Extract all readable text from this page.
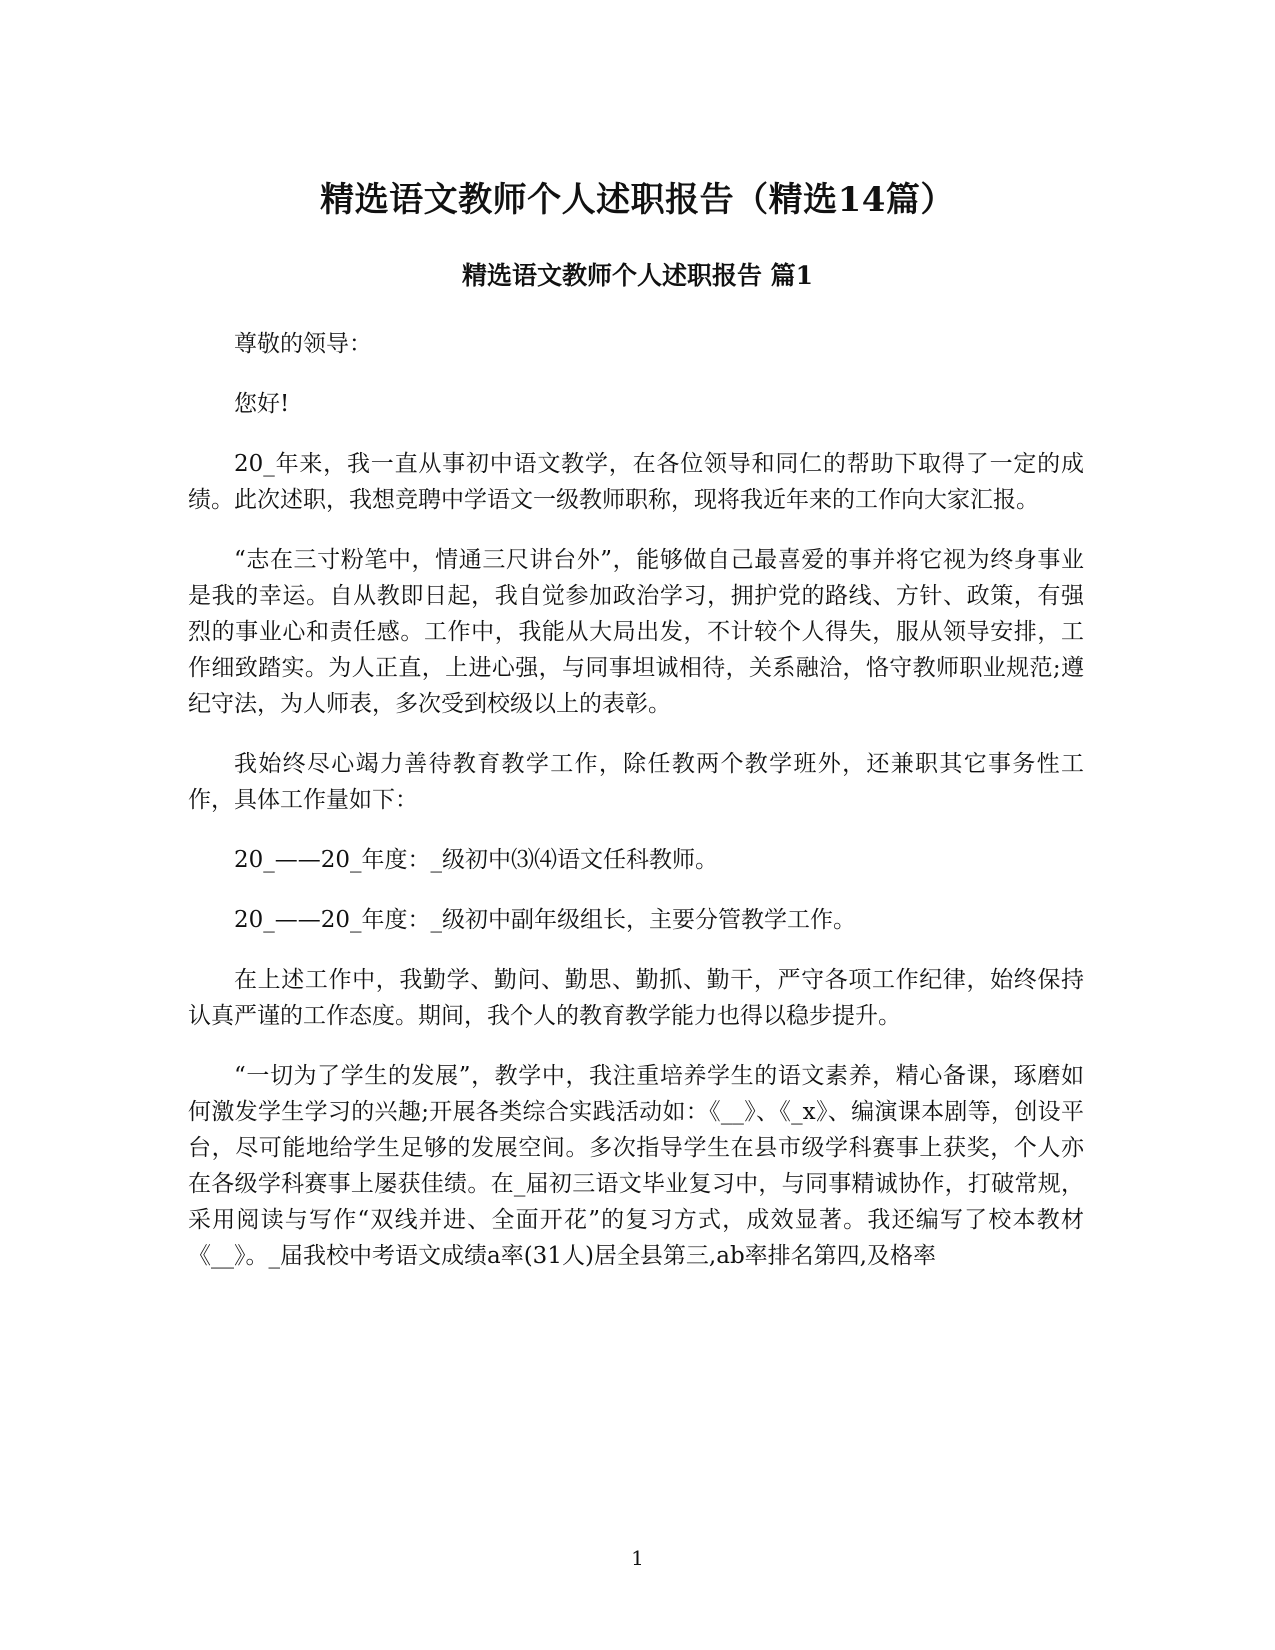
精选语文教师个人述职报告（精选14篇）
精选语文教师个人述职报告 篇1

尊敬的领导：

您好!

20_年来，我一直从事初中语文教学，在各位领导和同仁的帮助下取得了一定的成绩。此次述职，我想竞聘中学语文一级教师职称，现将我近年来的工作向大家汇报。

“志在三寸粉笔中，情通三尺讲台外”，能够做自己最喜爱的事并将它视为终身事业是我的幸运。自从教即日起，我自觉参加政治学习，拥护党的路线、方针、政策，有强烈的事业心和责任感。工作中，我能从大局出发，不计较个人得失，服从领导安排，工作细致踏实。为人正直，上进心强，与同事坦诚相待，关系融洽，恪守教师职业规范;遵纪守法，为人师表，多次受到校级以上的表彰。

我始终尽心竭力善待教育教学工作，除任教两个教学班外，还兼职其它事务性工作，具体工作量如下：

20_——20_年度：_级初中⑶⑷语文任科教师。

20_——20_年度：_级初中副年级组长，主要分管教学工作。

在上述工作中，我勤学、勤问、勤思、勤抓、勤干，严守各项工作纪律，始终保持认真严谨的工作态度。期间，我个人的教育教学能力也得以稳步提升。

“一切为了学生的发展”，教学中，我注重培养学生的语文素养，精心备课，琢磨如何激发学生学习的兴趣;开展各类综合实践活动如：《__》、《_x》、编演课本剧等，创设平台，尽可能地给学生足够的发展空间。多次指导学生在县市级学科赛事上获奖，个人亦在各级学科赛事上屡获佳绩。在_届初三语文毕业复习中，与同事精诚协作，打破常规，采用阅读与写作“双线并进、全面开花”的复习方式，成效显著。我还编写了校本教材《__》。_届我校中考语文成绩a率(31人)居全县第三,ab率排名第四,及格率

1
